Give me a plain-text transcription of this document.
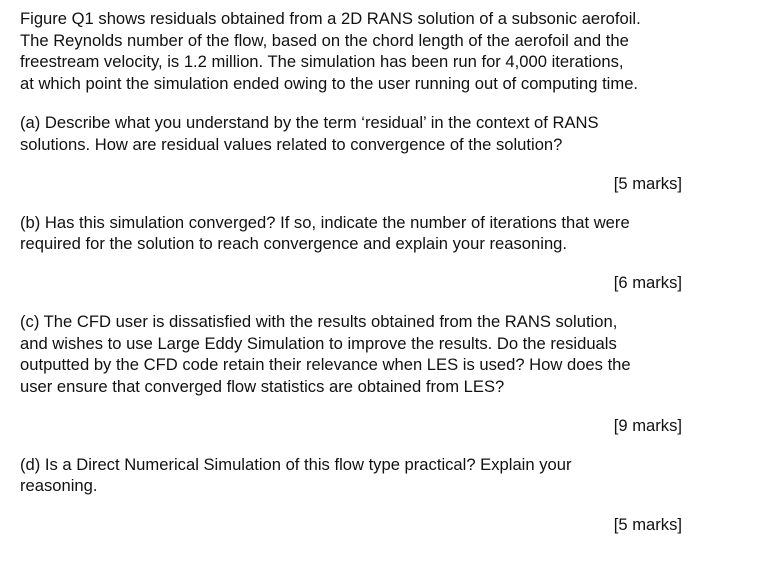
Figure Q1 shows residuals obtained from a 2D RANS solution of a subsonic aerofoil.
The Reynolds number of the flow, based on the chord length of the aerofoil and the
freestream velocity, is 1.2 million. The simulation has been run for 4,000 iterations,
at which point the simulation ended owing to the user running out of computing time.

(a) Describe what you understand by the term ‘residual’ in the context of RANS
solutions. How are residual values related to convergence of the solution?

[5 marks]

(b) Has this simulation converged? If so, indicate the number of iterations that were
required for the solution to reach convergence and explain your reasoning.

[6 marks]

(c) The CFD user is dissatisfied with the results obtained from the RANS solution,
and wishes to use Large Eddy Simulation to improve the results. Do the residuals
outputted by the CFD code retain their relevance when LES is used? How does the
user ensure that converged flow statistics are obtained from LES?

[9 marks]

(d) Is a Direct Numerical Simulation of this flow type practical? Explain your
reasoning.

[5 marks]
